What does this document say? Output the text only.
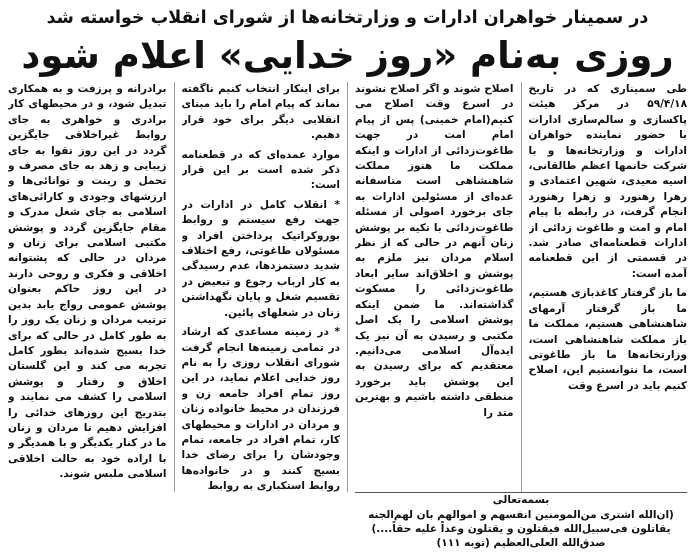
در سمینار خواهران ادارات و وزارتخانه‌ها از شورای انقلاب خواسته شد
روزی به‌نام «روز خدایی» اعلام شود

طی سمیناری که در تاریخ ۵۹/۴/۱۸ در مرکز هیئت پاکسازی و سالم‌سازی ادارات با حضور نماینده خواهران ادارات و وزارتخانه‌ها و با شرکت خانمها اعظم طالقانی، اسیه معیدی، شهین اعتمادی و رهرا رهنورد و زهرا رهنورد انجام گرفت، در رابطه با پیام امام و امت و طاغوت زدائی از ادارات قطعنامه‌ای صادر شد. در قسمتی از این قطعنامه آمده است:

ما باز گرفتار کاغذبازی هستیم، ما باز گرفتار آرمهای شاهنشاهی هستیم، مملکت ما باز مملکت شاهنشاهی است، وزارتخانه‌ها ما باز طاغوتی است، ما نتوانستیم این، اصلاح کنیم باید در اسرع وقت

اصلاح شوند و اگر اصلاح نشوند در اسرع وقت اصلاح می کنیم(امام خمینی) پس از پیام امام امت در جهت طاغوت‌زدائی از ادارات و اینکه مملکت ما هنوز مملکت شاهنشاهی است متاسفانه عده‌ای از مسئولین ادارات به جای برخورد اصولی از مسئله طاغوت‌زدائی با تکیه بر پوشش زنان آنهم در حالی که از نظر اسلام مردان نیز ملزم به پوشش و اخلاق‌اند سایر ابعاد طاغوت‌زدائی را مسکوت گذاشته‌اند. ما ضمن اینکه پوشش اسلامی را یک اصل مکتبی و رسیدن به آن نیز یک ایده‌آل اسلامی می‌دانیم. معتقدیم که برای رسیدن به این پوشش باید برخورد منطقی داشته باشیم و بهترین متد را

برای اینکار انتخاب کنیم ناگفته نماند که پیام امام را باید مبنای انقلابی دیگر برای خود قرار دهیم.

موارد عمده‌ای که در قطعنامه ذکر شده است بر این قرار است:

* انقلاب کامل در ادارات در جهت رفع سیستم و روابط بوروکراتیک پرداختن افراد و مسئولان طاغوتی، رفع اختلاف شدید دستمزدها، عدم رسیدگی به کار ارباب رجوع و تبعیض در تقسیم شغل و پایان نگهداشتن زنان در شغلهای پائین.

* در زمینه مساعدی که ارشاد در تمامی زمینه‌ها انجام گرفت شورای انقلاب روزی را به نام روز خدایی اعلام نماید، در این روز تمام افراد جامعه زن و فرزندان در محیط خانواده زنان و مردان در ادارات و محیطهای کار، تمام افراد در جامعه، تمام وجودشان را برای رضای خدا بسیج کنند و در خانواده‌ها روابط استکباری به روابط

برادرانه و پرزفت و به همکاری تبدیل شود، و در محیطهای کار برادری و خواهری به جای روابط غیراخلاقی جایگزین گردد در این روز تقوا به جای زیبایی و زهد به جای مصرف و تحمل و رینت و توانائی‌ها و ارزشهای وجودی و کارائی‌های اسلامی به جای شغل مدرک و مقام جایگزین گردد و پوشش مکتبی اسلامی برای زنان و مردان در حالی که پشتوانه اخلاقی و فکری و روحی دارند در این روز حاکم بعنوان پوشش عمومی رواج یابد بدین ترتیب مردان و زنان یک روز را به طور کامل در حالی که برای خدا بسیج شده‌اند بطور کامل تجربه می کند و این گلستان اخلاق و رفتار و پوشش اسلامی را کشف می نمایند و بتدریج این روزهای خدائی را افزایش دهیم تا مردان و زنان ما در کنار یکدیگر و با همدیگر و با اراده خود به حالت اخلاقی اسلامی ملبس شوند.

بسمه‌تعالی
(ان‌الله اشتری من‌المومنین انفسهم و اموالهم بان لهم‌الجنه
یقاتلون فی‌سبیل‌الله فیقتلون و یقتلون وعداً علیه حقاً....)
صدق‌الله العلی‌العظیم (توبه ۱۱۱)
